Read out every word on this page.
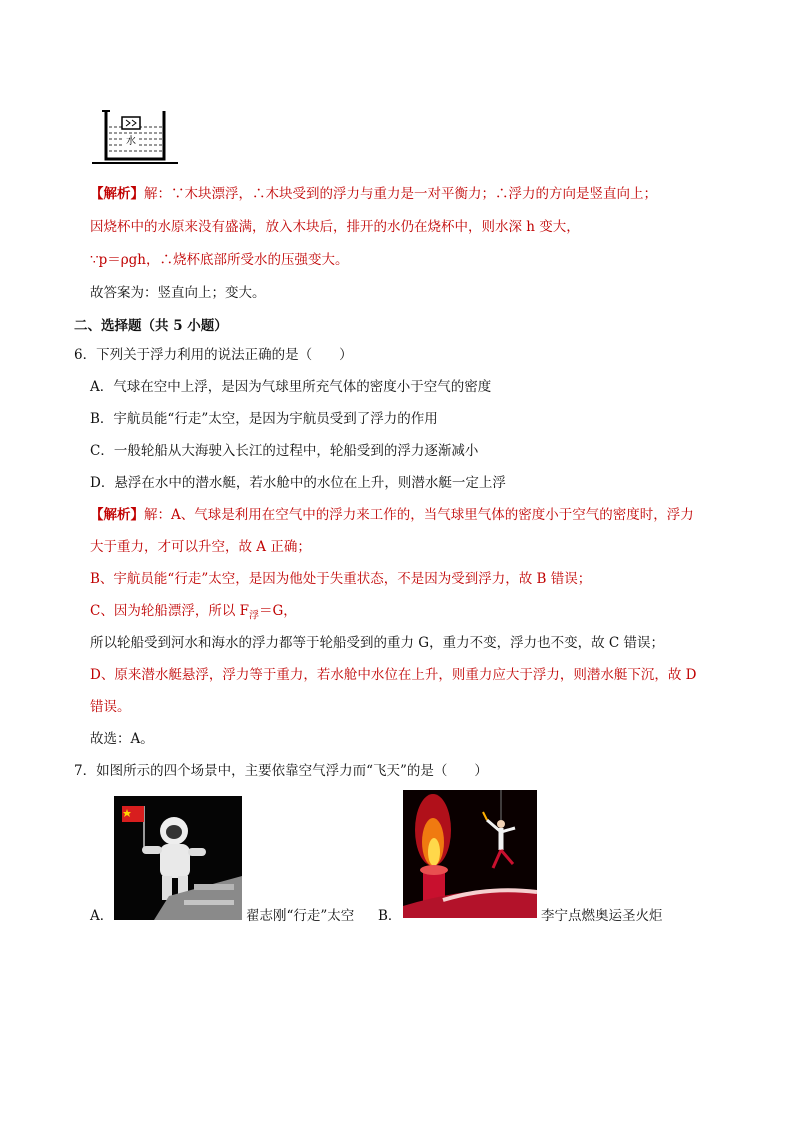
水
【解析】解：∵木块漂浮，∴木块受到的浮力与重力是一对平衡力；∴浮力的方向是竖直向上；
因烧杯中的水原来没有盛满，放入木块后，排开的水仍在烧杯中，则水深 h 变大，
∵p＝ρgh，∴烧杯底部所受水的压强变大。
故答案为：竖直向上；变大。
二、选择题（共 5 小题）
6．下列关于浮力利用的说法正确的是（　　）
A．气球在空中上浮，是因为气球里所充气体的密度小于空气的密度
B．宇航员能“行走”太空，是因为宇航员受到了浮力的作用
C．一般轮船从大海驶入长江的过程中，轮船受到的浮力逐渐减小
D．悬浮在水中的潜水艇，若水舱中的水位在上升，则潜水艇一定上浮
【解析】解：A、气球是利用在空气中的浮力来工作的，当气球里气体的密度小于空气的密度时，浮力
大于重力，才可以升空，故 A 正确；
B、宇航员能“行走”太空，是因为他处于失重状态，不是因为受到浮力，故 B 错误；
C、因为轮船漂浮，所以 $F_浮=G$，
所以轮船受到河水和海水的浮力都等于轮船受到的重力 G，重力不变，浮力也不变，故 C 错误；
D、原来潜水艇悬浮，浮力等于重力，若水舱中水位在上升，则重力应大于浮力，则潜水艇下沉，故 D
错误。
故选：A。
7．如图所示的四个场景中，主要依靠空气浮力而“飞天”的是（　　）
A．	翟志刚“行走”太空 B．	李宁点燃奥运圣火炬
